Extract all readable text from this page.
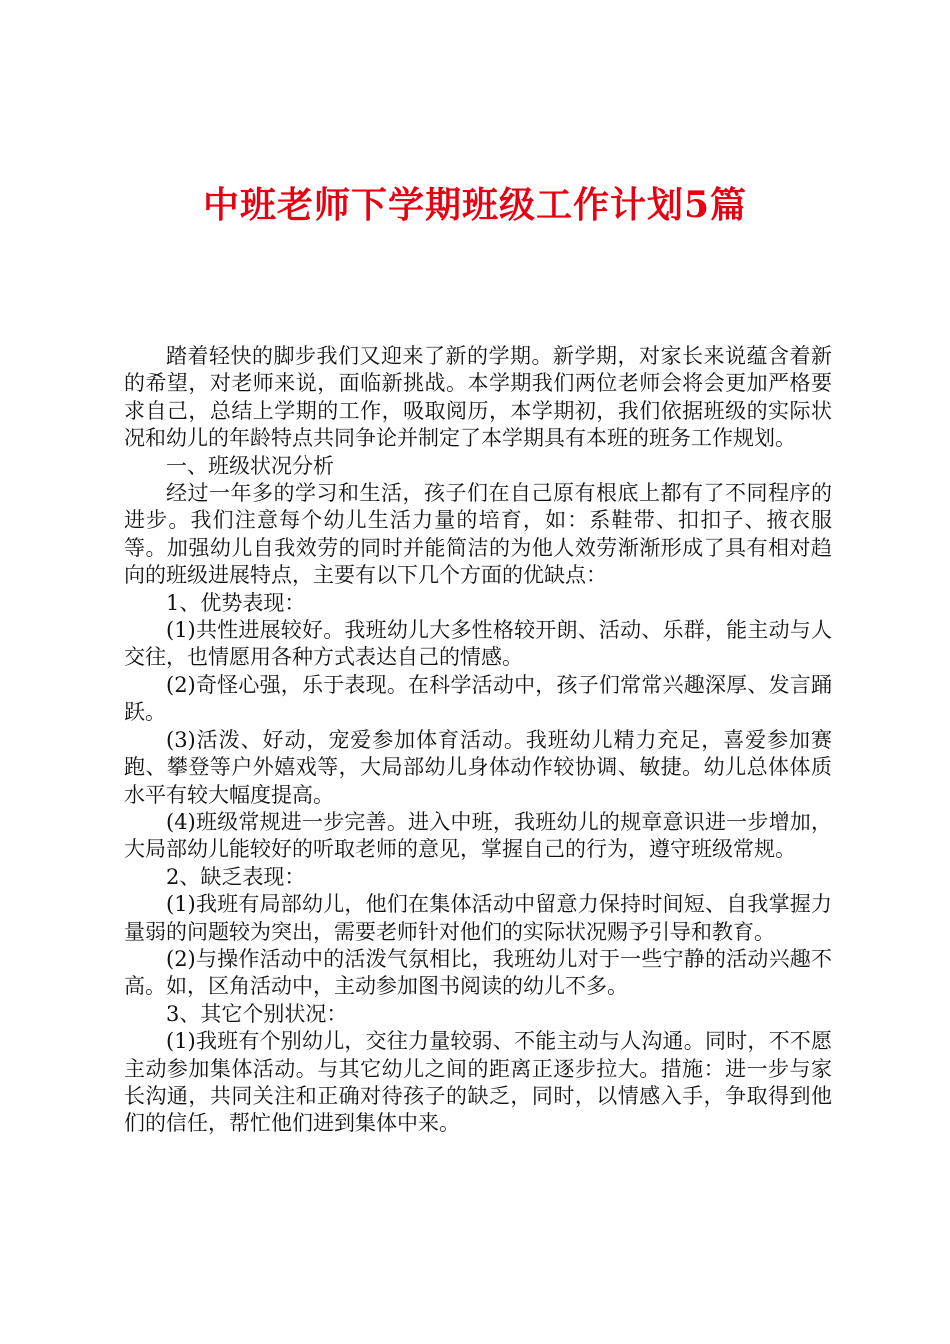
中班老师下学期班级工作计划5篇

踏着轻快的脚步我们又迎来了新的学期。新学期，对家长来说蕴含着新的希望，对老师来说，面临新挑战。本学期我们两位老师会将会更加严格要求自己，总结上学期的工作，吸取阅历，本学期初，我们依据班级的实际状况和幼儿的年龄特点共同争论并制定了本学期具有本班的班务工作规划。

一、班级状况分析

经过一年多的学习和生活，孩子们在自己原有根底上都有了不同程序的进步。我们注意每个幼儿生活力量的培育，如：系鞋带、扣扣子、掖衣服等。加强幼儿自我效劳的同时并能简洁的为他人效劳渐渐形成了具有相对趋向的班级进展特点，主要有以下几个方面的优缺点：

1、优势表现：

(1)共性进展较好。我班幼儿大多性格较开朗、活动、乐群，能主动与人交往，也情愿用各种方式表达自己的情感。

(2)奇怪心强，乐于表现。在科学活动中，孩子们常常兴趣深厚、发言踊跃。

(3)活泼、好动，宠爱参加体育活动。我班幼儿精力充足，喜爱参加赛跑、攀登等户外嬉戏等，大局部幼儿身体动作较协调、敏捷。幼儿总体体质水平有较大幅度提高。

(4)班级常规进一步完善。进入中班，我班幼儿的规章意识进一步增加，大局部幼儿能较好的听取老师的意见，掌握自己的行为，遵守班级常规。

2、缺乏表现：

(1)我班有局部幼儿，他们在集体活动中留意力保持时间短、自我掌握力量弱的问题较为突出，需要老师针对他们的实际状况赐予引导和教育。

(2)与操作活动中的活泼气氛相比，我班幼儿对于一些宁静的活动兴趣不高。如，区角活动中，主动参加图书阅读的幼儿不多。

3、其它个别状况：

(1)我班有个别幼儿，交往力量较弱、不能主动与人沟通。同时，不不愿主动参加集体活动。与其它幼儿之间的距离正逐步拉大。措施：进一步与家长沟通，共同关注和正确对待孩子的缺乏，同时，以情感入手，争取得到他们的信任，帮忙他们进到集体中来。
